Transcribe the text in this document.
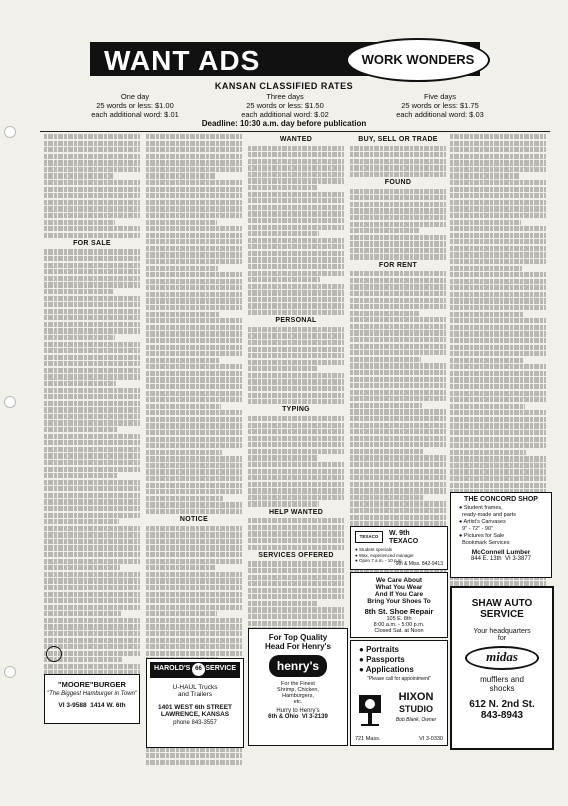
WANT ADS	WORK WONDERS
KANSAN CLASSIFIED RATES
One day
25 words or less: $1.00
each additional word: $.01
Three days
25 words or less: $1.50
each additional word: $.02
Five days
25 words or less: $1.75
each additional word: $.03
Deadline: 10:30 a.m. day before publication
FOR SALE
NOTICE
WANTED
PERSONAL
TYPING
HELP WANTED
SERVICES OFFERED
BUY, SELL OR TRADE
FOUND
FOR RENT
"MOORE"BURGER
"The Biggest Hamburger in Town"
VI 3-9588 1414 W. 6th
HAROLD'S 66 SERVICE
U-HAUL Trucks
and Trailers
1401 WEST 6th STREET
LAWRENCE, KANSAS
phone 843-3557
For Top Quality
Head For Henry's
henry's
For the Finest
Shrimp, Chicken,
Hamburgers,
etc.
Hurry to Henry's
6th & Ohio VI 3-2139
TEXACO	W. 9th
TEXACO
● Student specials
● Wax, experienced manager
● Open 7 a.m. - 10 p.m.
9th & Miss. 842-9413
We Care About
What You Wear
And If You Care
Bring Your Shoes To
8th St. Shoe Repair
105 E. 8th
8:00 a.m. - 5:00 p.m.
Closed Sat. at Noon
● Portraits
● Passports
● Applications
"Please call for appointment"
HIXON
STUDIO
Bob Blank, Owner
721 Mass.	VI 3-0330
THE CONCORD SHOP
● Student frames,
ready-made and parts
● Artist's Canvases
9" - 72" - 90"
● Pictures for Sale
Bookmark Services
McConnell Lumber
844 E. 13th VI 3-3877
SHAW AUTO
SERVICE
Your headquarters
for
midas
mufflers and
shocks
612 N. 2nd St.
843-8943
